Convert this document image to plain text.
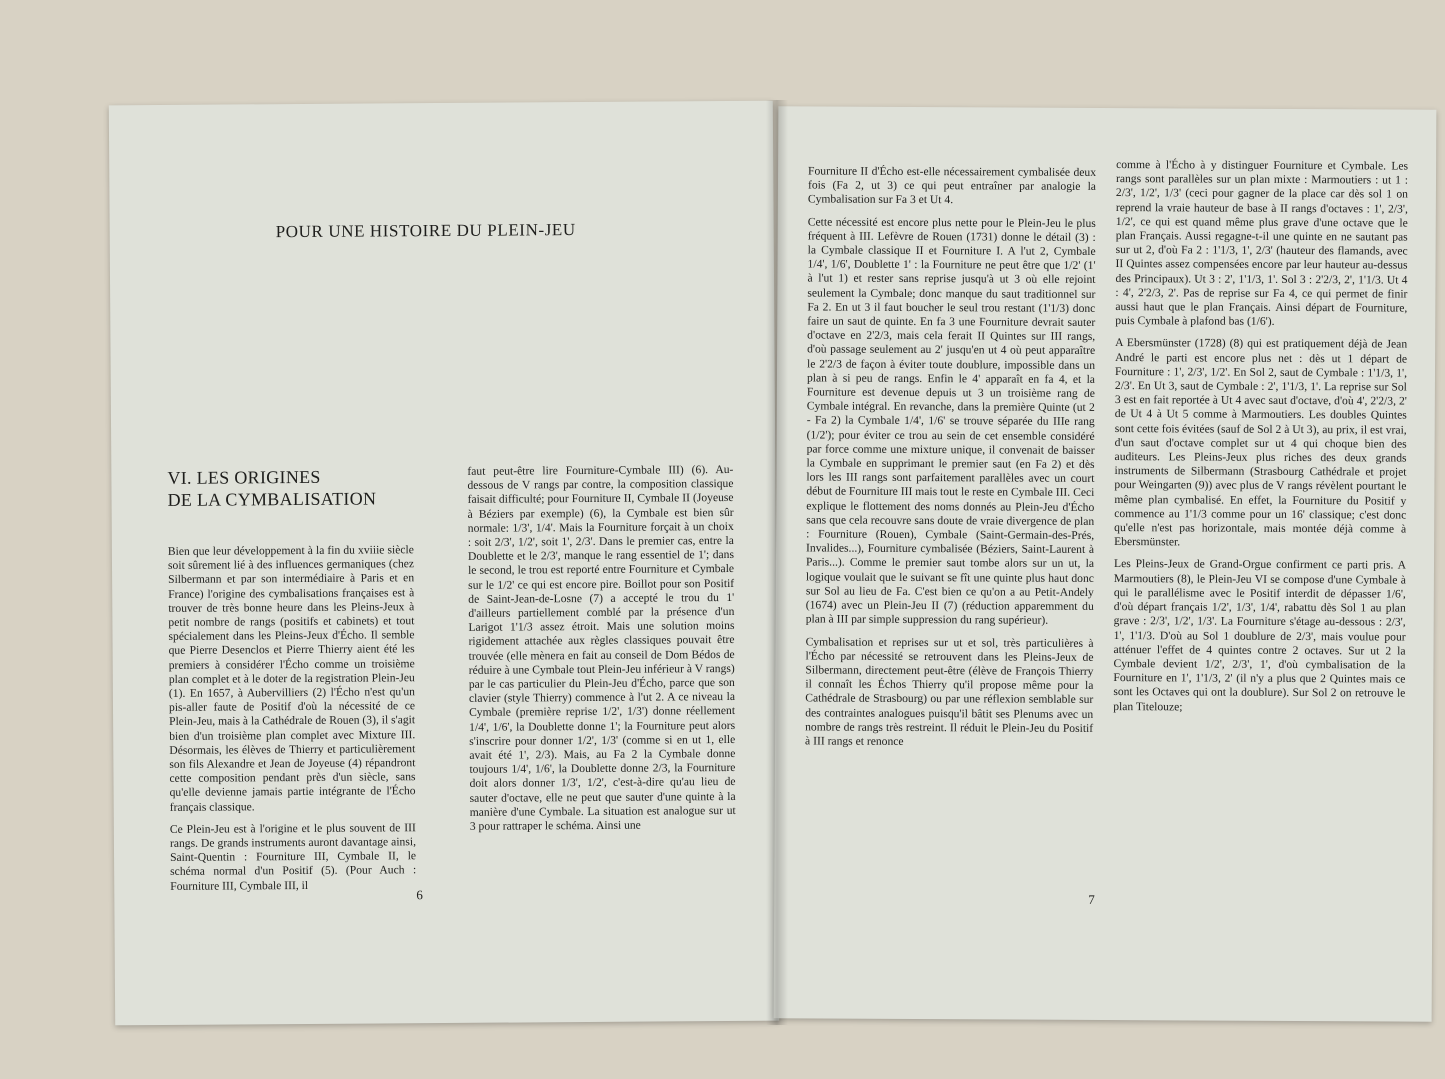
POUR UNE HISTOIRE DU PLEIN-JEU
VI. LES ORIGINES
DE LA CYMBALISATION

Bien que leur développement à la fin du xviiie siècle soit sûrement lié à des influences germaniques (chez Silbermann et par son intermédiaire à Paris et en France) l'origine des cymbalisations françaises est à trouver de très bonne heure dans les Pleins-Jeux à petit nombre de rangs (positifs et cabinets) et tout spécialement dans les Pleins-Jeux d'Écho. Il semble que Pierre Desenclos et Pierre Thierry aient été les premiers à considérer l'Écho comme un troisième plan complet et à le doter de la registration Plein-Jeu (1). En 1657, à Aubervilliers (2) l'Écho n'est qu'un pis-aller faute de Positif d'où la nécessité de ce Plein-Jeu, mais à la Cathédrale de Rouen (3), il s'agit bien d'un troisième plan complet avec Mixture III. Désormais, les élèves de Thierry et particulièrement son fils Alexandre et Jean de Joyeuse (4) répandront cette composition pendant près d'un siècle, sans qu'elle devienne jamais partie intégrante de l'Écho français classique.

Ce Plein-Jeu est à l'origine et le plus souvent de III rangs. De grands instruments auront davantage ainsi, Saint-Quentin : Fourniture III, Cymbale II, le schéma normal d'un Positif (5). (Pour Auch : Fourniture III, Cymbale III, il

faut peut-être lire Fourniture-Cymbale III) (6). Au-dessous de V rangs par contre, la composition classique faisait difficulté; pour Fourniture II, Cymbale II (Joyeuse à Béziers par exemple) (6), la Cymbale est bien sûr normale: 1/3', 1/4'. Mais la Fourniture forçait à un choix : soit 2/3', 1/2', soit 1', 2/3'. Dans le premier cas, entre la Doublette et le 2/3', manque le rang essentiel de 1'; dans le second, le trou est reporté entre Fourniture et Cymbale sur le 1/2' ce qui est encore pire. Boillot pour son Positif de Saint-Jean-de-Losne (7) a accepté le trou du 1' d'ailleurs partiellement comblé par la présence d'un Larigot 1'1/3 assez étroit. Mais une solution moins rigidement attachée aux règles classiques pouvait être trouvée (elle mènera en fait au conseil de Dom Bédos de réduire à une Cymbale tout Plein-Jeu inférieur à V rangs) par le cas particulier du Plein-Jeu d'Écho, parce que son clavier (style Thierry) commence à l'ut 2. A ce niveau la Cymbale (première reprise 1/2', 1/3') donne réellement 1/4', 1/6', la Doublette donne 1'; la Fourniture peut alors s'inscrire pour donner 1/2', 1/3' (comme si en ut 1, elle avait été 1', 2/3). Mais, au Fa 2 la Cymbale donne toujours 1/4', 1/6', la Doublette donne 2/3, la Fourniture doit alors donner 1/3', 1/2', c'est-à-dire qu'au lieu de sauter d'octave, elle ne peut que sauter d'une quinte à la manière d'une Cymbale. La situation est analogue sur ut 3 pour rattraper le schéma. Ainsi une

6

Fourniture II d'Écho est-elle nécessairement cymbalisée deux fois (Fa 2, ut 3) ce qui peut entraîner par analogie la Cymbalisation sur Fa 3 et Ut 4.

Cette nécessité est encore plus nette pour le Plein-Jeu le plus fréquent à III. Lefèvre de Rouen (1731) donne le détail (3) : la Cymbale classique II et Fourniture I. A l'ut 2, Cymbale 1/4', 1/6', Doublette 1' : la Fourniture ne peut être que 1/2' (1' à l'ut 1) et rester sans reprise jusqu'à ut 3 où elle rejoint seulement la Cymbale; donc manque du saut traditionnel sur Fa 2. En ut 3 il faut boucher le seul trou restant (1'1/3) donc faire un saut de quinte. En fa 3 une Fourniture devrait sauter d'octave en 2'2/3, mais cela ferait II Quintes sur III rangs, d'où passage seulement au 2' jusqu'en ut 4 où peut apparaître le 2'2/3 de façon à éviter toute doublure, impossible dans un plan à si peu de rangs. Enfin le 4' apparaît en fa 4, et la Fourniture est devenue depuis ut 3 un troisième rang de Cymbale intégral. En revanche, dans la première Quinte (ut 2 - Fa 2) la Cymbale 1/4', 1/6' se trouve séparée du IIIe rang (1/2'); pour éviter ce trou au sein de cet ensemble considéré par force comme une mixture unique, il convenait de baisser la Cymbale en supprimant le premier saut (en Fa 2) et dès lors les III rangs sont parfaitement parallèles avec un court début de Fourniture III mais tout le reste en Cymbale III. Ceci explique le flottement des noms donnés au Plein-Jeu d'Écho sans que cela recouvre sans doute de vraie divergence de plan : Fourniture (Rouen), Cymbale (Saint-Germain-des-Prés, Invalides...), Fourniture cymbalisée (Béziers, Saint-Laurent à Paris...). Comme le premier saut tombe alors sur un ut, la logique voulait que le suivant se fît une quinte plus haut donc sur Sol au lieu de Fa. C'est bien ce qu'on a au Petit-Andely (1674) avec un Plein-Jeu II (7) (réduction apparemment du plan à III par simple suppression du rang supérieur).

Cymbalisation et reprises sur ut et sol, très particulières à l'Écho par nécessité se retrouvent dans les Pleins-Jeux de Silbermann, directement peut-être (élève de François Thierry il connaît les Échos Thierry qu'il propose même pour la Cathédrale de Strasbourg) ou par une réflexion semblable sur des contraintes analogues puisqu'il bâtit ses Plenums avec un nombre de rangs très restreint. Il réduit le Plein-Jeu du Positif à III rangs et renonce

comme à l'Écho à y distinguer Fourniture et Cymbale. Les rangs sont parallèles sur un plan mixte : Marmoutiers : ut 1 : 2/3', 1/2', 1/3' (ceci pour gagner de la place car dès sol 1 on reprend la vraie hauteur de base à II rangs d'octaves : 1', 2/3', 1/2', ce qui est quand même plus grave d'une octave que le plan Français. Aussi regagne-t-il une quinte en ne sautant pas sur ut 2, d'où Fa 2 : 1'1/3, 1', 2/3' (hauteur des flamands, avec II Quintes assez compensées encore par leur hauteur au-dessus des Principaux). Ut 3 : 2', 1'1/3, 1'. Sol 3 : 2'2/3, 2', 1'1/3. Ut 4 : 4', 2'2/3, 2'. Pas de reprise sur Fa 4, ce qui permet de finir aussi haut que le plan Français. Ainsi départ de Fourniture, puis Cymbale à plafond bas (1/6').

A Ebersmünster (1728) (8) qui est pratiquement déjà de Jean André le parti est encore plus net : dès ut 1 départ de Fourniture : 1', 2/3', 1/2'. En Sol 2, saut de Cymbale : 1'1/3, 1', 2/3'. En Ut 3, saut de Cymbale : 2', 1'1/3, 1'. La reprise sur Sol 3 est en fait reportée à Ut 4 avec saut d'octave, d'où 4', 2'2/3, 2' de Ut 4 à Ut 5 comme à Marmoutiers. Les doubles Quintes sont cette fois évitées (sauf de Sol 2 à Ut 3), au prix, il est vrai, d'un saut d'octave complet sur ut 4 qui choque bien des auditeurs. Les Pleins-Jeux plus riches des deux grands instruments de Silbermann (Strasbourg Cathédrale et projet pour Weingarten (9)) avec plus de V rangs révèlent pourtant le même plan cymbalisé. En effet, la Fourniture du Positif y commence au 1'1/3 comme pour un 16' classique; c'est donc qu'elle n'est pas horizontale, mais montée déjà comme à Ebersmünster.

Les Pleins-Jeux de Grand-Orgue confirment ce parti pris. A Marmoutiers (8), le Plein-Jeu VI se compose d'une Cymbale à qui le parallélisme avec le Positif interdit de dépasser 1/6', d'où départ français 1/2', 1/3', 1/4', rabattu dès Sol 1 au plan grave : 2/3', 1/2', 1/3'. La Fourniture s'étage au-dessous : 2/3', 1', 1'1/3. D'où au Sol 1 doublure de 2/3', mais voulue pour atténuer l'effet de 4 quintes contre 2 octaves. Sur ut 2 la Cymbale devient 1/2', 2/3', 1', d'où cymbalisation de la Fourniture en 1', 1'1/3, 2' (il n'y a plus que 2 Quintes mais ce sont les Octaves qui ont la doublure). Sur Sol 2 on retrouve le plan Titelouze;

7
